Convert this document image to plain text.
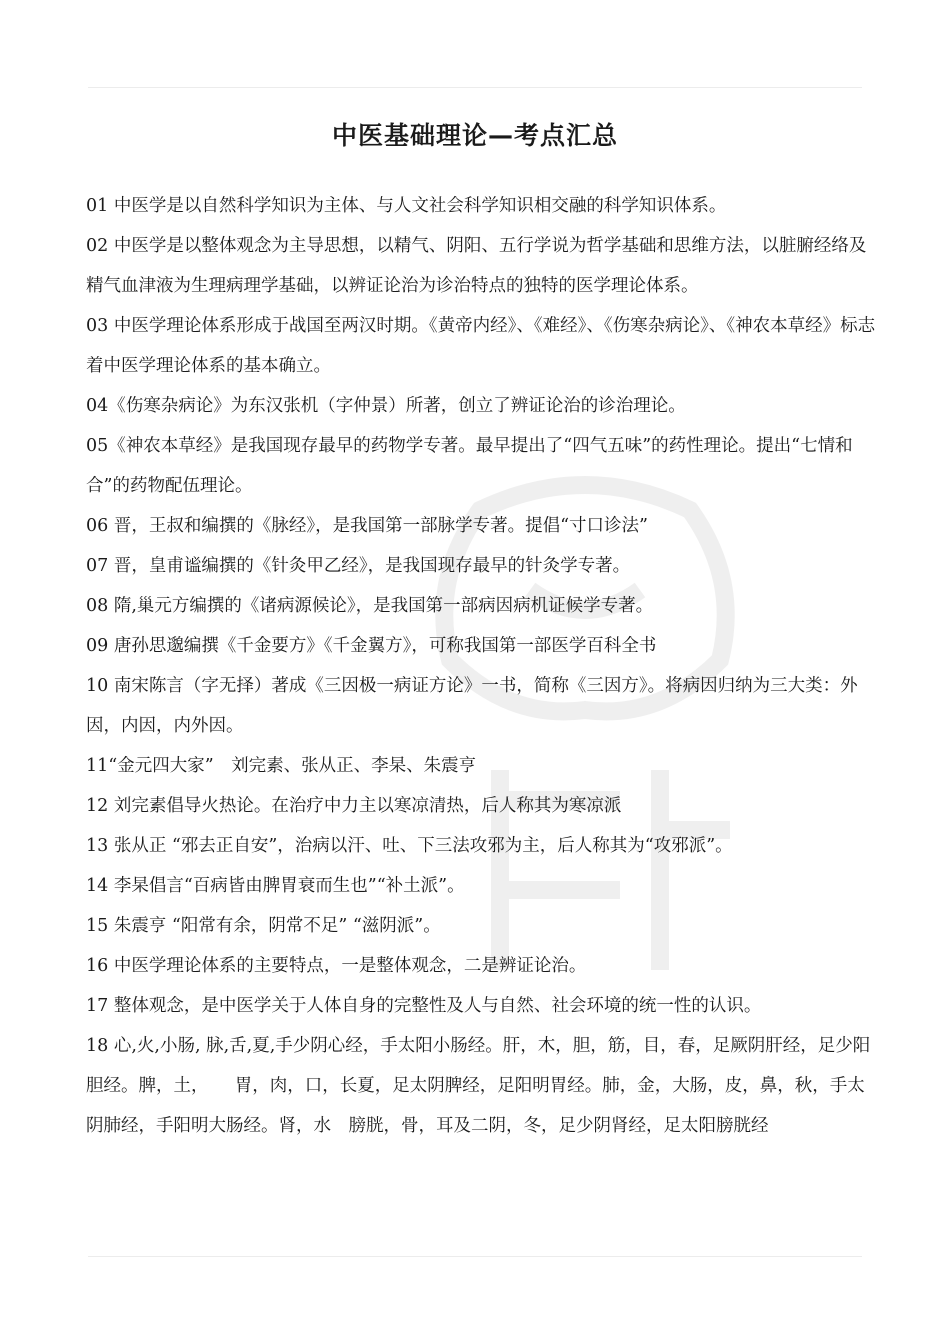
中医基础理论—考点汇总

01 中医学是以自然科学知识为主体、与人文社会科学知识相交融的科学知识体系。

02 中医学是以整体观念为主导思想，以精气、阴阳、五行学说为哲学基础和思维方法，以脏腑经络及精气血津液为生理病理学基础，以辨证论治为诊治特点的独特的医学理论体系。

03 中医学理论体系形成于战国至两汉时期。《黄帝内经》、《难经》、《伤寒杂病论》、《神农本草经》标志着中医学理论体系的基本确立。

04《伤寒杂病论》为东汉张机（字仲景）所著，创立了辨证论治的诊治理论。

05《神农本草经》是我国现存最早的药物学专著。最早提出了“四气五味”的药性理论。提出“七情和合”的药物配伍理论。

06 晋，王叔和编撰的《脉经》，是我国第一部脉学专著。提倡“寸口诊法”

07 晋，皇甫谧编撰的《针灸甲乙经》，是我国现存最早的针灸学专著。

08 隋,巢元方编撰的《诸病源候论》，是我国第一部病因病机证候学专著。

09 唐孙思邈编撰《千金要方》《千金翼方》，可称我国第一部医学百科全书

10 南宋陈言（字无择）著成《三因极一病证方论》一书，简称《三因方》。将病因归纳为三大类：外因，内因，内外因。

11“金元四大家”　刘完素、张从正、李杲、朱震亨

12 刘完素倡导火热论。在治疗中力主以寒凉清热，后人称其为寒凉派

13 张从正 “邪去正自安”，治病以汗、吐、下三法攻邪为主，后人称其为“攻邪派”。

14 李杲倡言“百病皆由脾胃衰而生也”“补土派”。

15 朱震亨 “阳常有余，阴常不足” “滋阴派”。

16 中医学理论体系的主要特点，一是整体观念，二是辨证论治。

17 整体观念，是中医学关于人体自身的完整性及人与自然、社会环境的统一性的认识。

18 心,火,小肠, 脉,舌,夏,手少阴心经，手太阳小肠经。肝，木，胆，筋，目，春，足厥阴肝经，足少阳胆经。脾，土，　　胃，肉，口，长夏，足太阴脾经，足阳明胃经。肺，金，大肠，皮，鼻，秋，手太阴肺经，手阳明大肠经。肾，水　膀胱，骨，耳及二阴，冬，足少阴肾经，足太阳膀胱经
